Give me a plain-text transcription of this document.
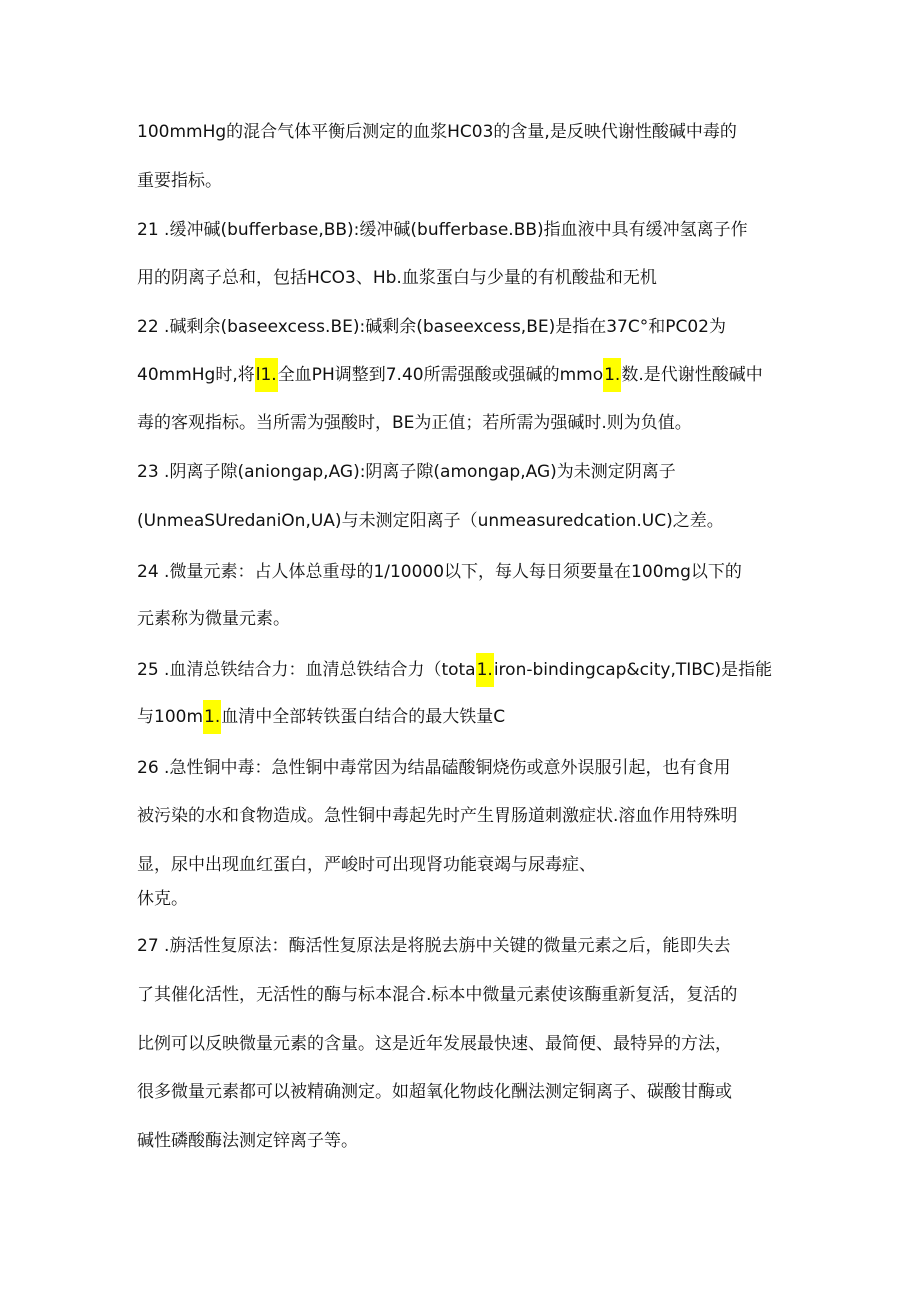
100mmHg的混合气体平衡后测定的血浆HC03的含量,是反映代谢性酸碱中毒的
重要指标。
21 .缓冲碱(bufferbase,BB):缓冲碱(bufferbase.BB)指血液中具有缓冲氢离子作
用的阴离子总和，包括HCO3、Hb.血浆蛋白与少量的有机酸盐和无机
22 .碱剩余(baseexcess.BE):碱剩余(baseexcess,BE)是指在37C°和PC02为
40mmHg时,将l1.全血PH调整到7.40所需强酸或强碱的mmo1.数.是代谢性酸碱中
毒的客观指标。当所需为强酸时，BE为正值；若所需为强碱时.则为负值。
23 .阴离子隙(aniongap,AG):阴离子隙(amongap,AG)为未测定阴离子
(UnmeaSUredaniOn,UA)与未测定阳离子（unmeasuredcation.UC)之差。
24 .微量元素：占人体总重母的1/10000以下，每人每日须要量在100mg以下的
元素称为微量元素。
25 .血清总铁结合力：血清总铁结合力（tota1.iron-bindingcap&city,TIBC)是指能
与100m1.血清中全部转铁蛋白结合的最大铁量C
26 .急性铜中毒：急性铜中毒常因为结晶磕酸铜烧伤或意外误服引起，也有食用
被污染的水和食物造成。急性铜中毒起先时产生胃肠道刺激症状.溶血作用特殊明
显，尿中出现血红蛋白，严峻时可出现肾功能衰竭与尿毒症、
休克。
27 .旃活性复原法：酶活性复原法是将脱去旃中关键的微量元素之后，能即失去
了其催化活性，无活性的酶与标本混合.标本中微量元素使该酶重新复活，复活的
比例可以反映微量元素的含量。这是近年发展最快速、最简便、最特异的方法，
很多微量元素都可以被精确测定。如超氧化物歧化酬法测定铜离子、碳酸甘酶或
碱性磷酸酶法测定锌离子等。
